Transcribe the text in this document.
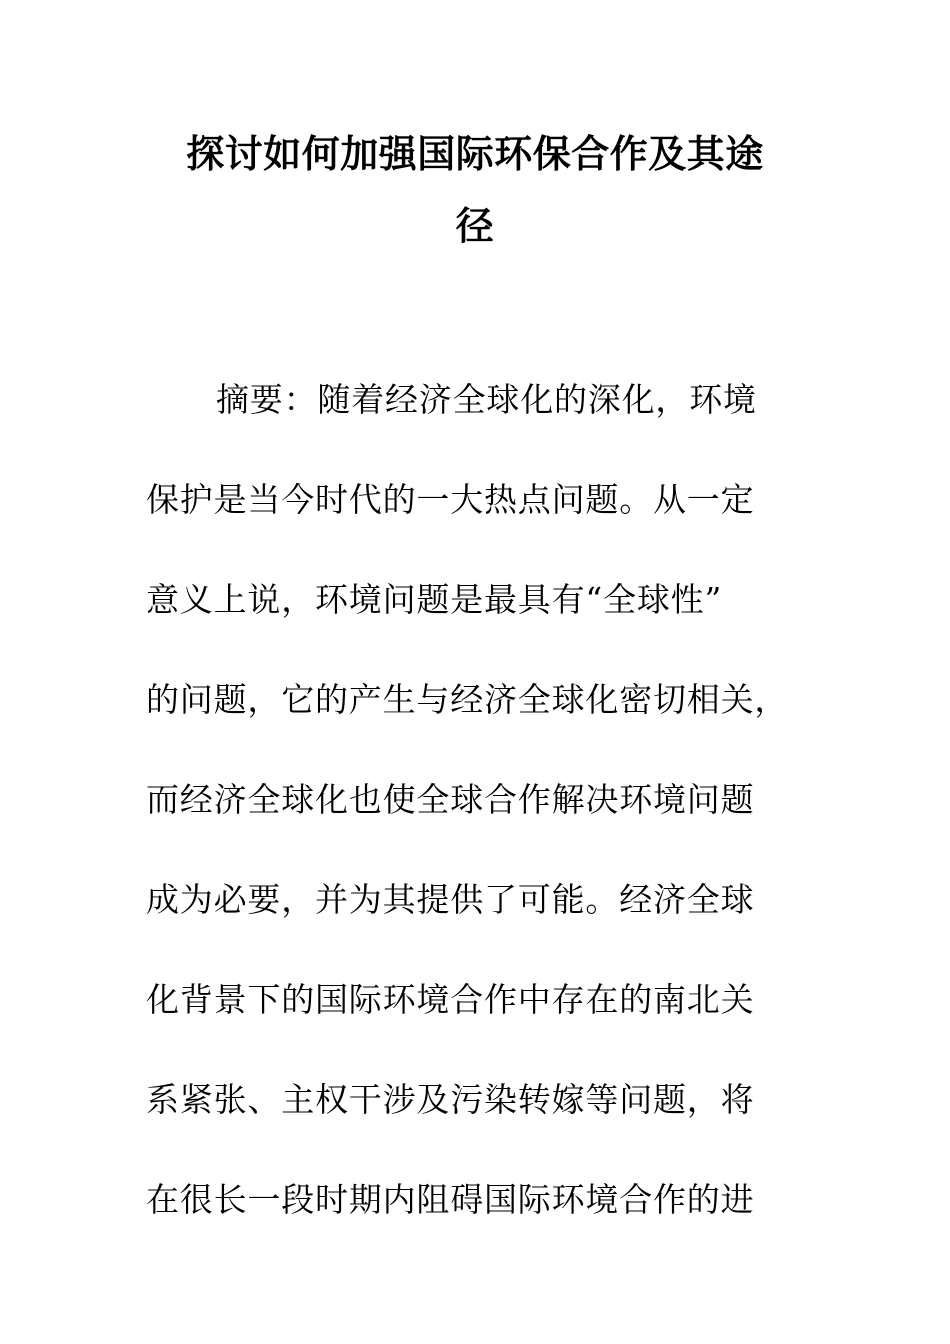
探讨如何加强国际环保合作及其途
径
摘要：随着经济全球化的深化，环境
保护是当今时代的一大热点问题。从一定
意义上说，环境问题是最具有“全球性”
的问题，它的产生与经济全球化密切相关，
而经济全球化也使全球合作解决环境问题
成为必要，并为其提供了可能。经济全球
化背景下的国际环境合作中存在的南北关
系紧张、主权干涉及污染转嫁等问题，将
在很长一段时期内阻碍国际环境合作的进
